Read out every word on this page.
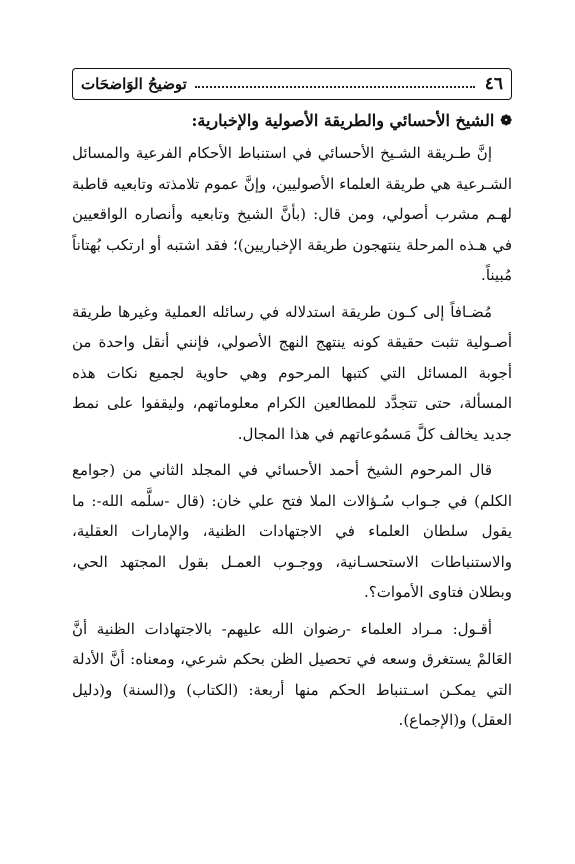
٤٦
توضيحُ الوَاضحَات
❁
الشيخ الأحسائي والطريقة الأصولية والإخبارية:

إنَّ طـريقة الشـيخ الأحسائي في استنباط الأحكام الفرعية والمسائل الشـرعية هي طريقة العلماء الأصوليين، وإنَّ عموم تلامذته وتابعيه قاطبة لهـم مشرب أصولي، ومن قال: (بأنَّ الشيخ وتابعيه وأنصاره الواقعيين في هـذه المرحلة ينتهجون طريقة الإخباريين)؛ فقد اشتبه أو ارتكب بُهتاناً مُبيناً.

مُضـافاً إلى كـون طريقة استدلاله في رسائله العملية وغيرها طريقة أصـولية تثبت حقيقة كونه ينتهج النهج الأصولي، فإنني أنقل واحدة من أجوبة المسائل التي كتبها المرحوم وهي حاوية لجميع نكات هذه المسألة، حتى تتجدَّد للمطالعين الكرام معلوماتهم، وليقفوا على نمط جديد يخالف كلَّ مَسمُوعاتهم في هذا المجال.

قال المرحوم الشيخ أحمد الأحسائي في المجلد الثاني من (جوامع الكلم) في جـواب سُـؤالات الملا فتح علي خان: (قال -سلَّمه الله-: ما يقول سلطان العلماء في الاجتهادات الظنية، والإمارات العقلية، والاستنباطات الاستحسـانية، ووجـوب العمـل بقول المجتهد الحي، وبطلان فتاوى الأموات؟.

أقـول: مـراد العلماء -رضوان الله عليهم- بالاجتهادات الظنية أنَّ العَالمْ يستغرق وسعه في تحصيل الظن بحكم شرعي، ومعناه: أنَّ الأدلة التي يمكـن اسـتنباط الحكم منها أربعة: (الكتاب) و(السنة) و(دليل العقل) و(الإجماع).
